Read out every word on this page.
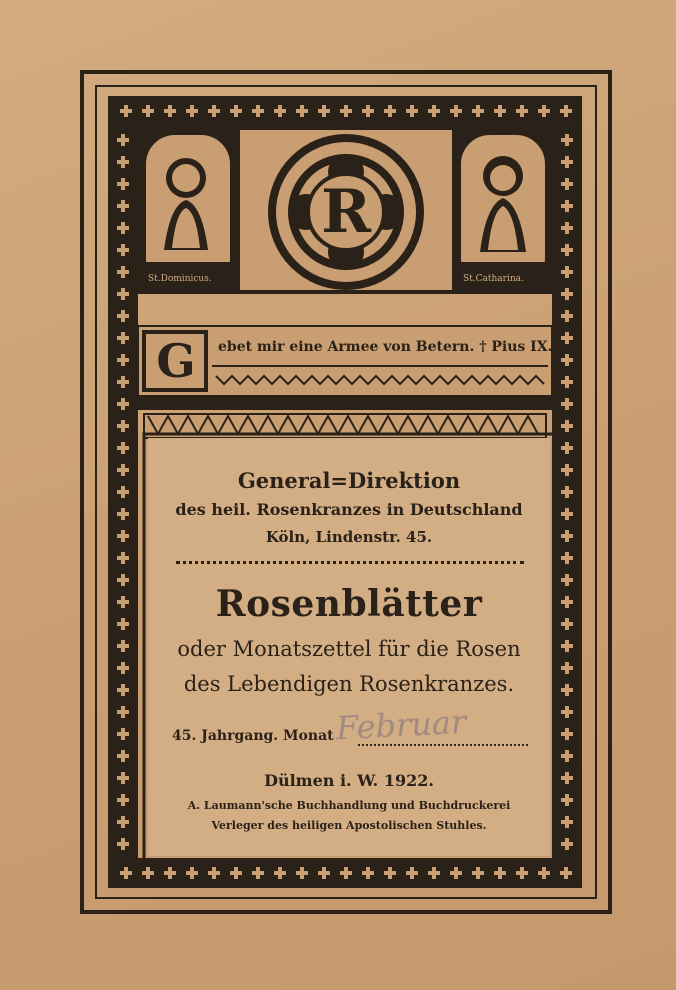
G	ebet mir eine Armee von Betern. † Pius IX.
R
St.Dominicus.	St.Catharina.
General=Direktion
des heil. Rosenkranzes in Deutschland
Köln, Lindenstr. 45.
Rosenblätter
oder Monatszettel für die Rosen
des Lebendigen Rosenkranzes.
45. Jahrgang. Monat Februar
Dülmen i. W. 1922.
A. Laumann'sche Buchhandlung und Buchdruckerei
Verleger des heiligen Apostolischen Stuhles.
